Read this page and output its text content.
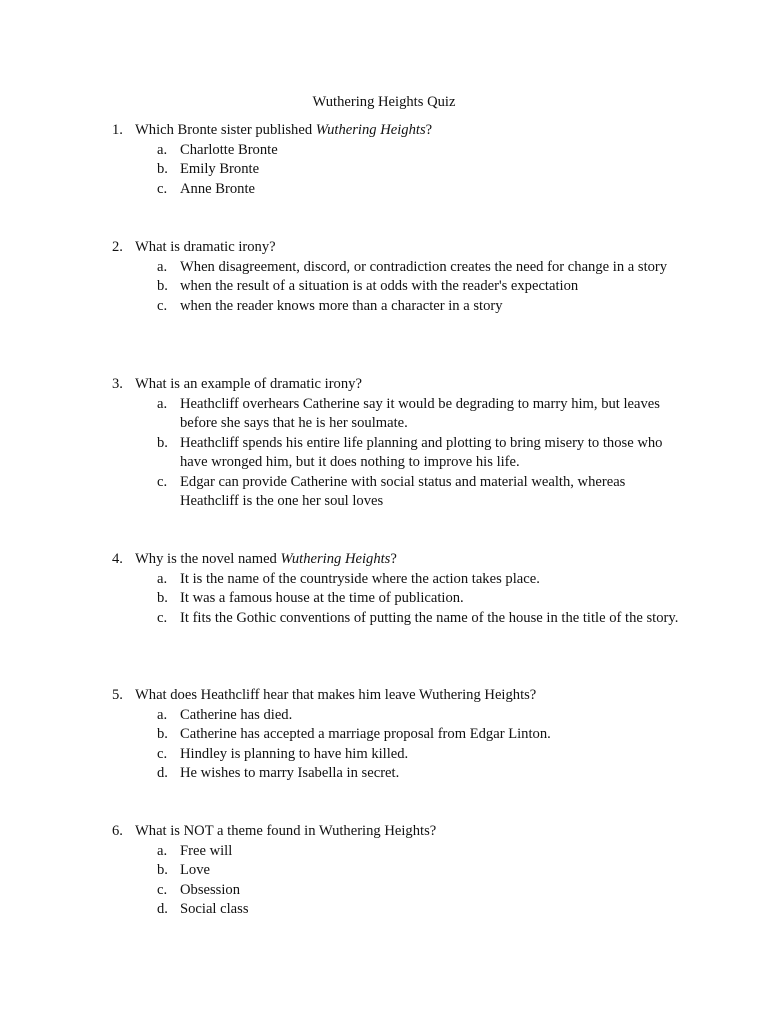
Wuthering Heights Quiz
1. Which Bronte sister published Wuthering Heights?
a. Charlotte Bronte
b. Emily Bronte
c. Anne Bronte
2. What is dramatic irony?
a. When disagreement, discord, or contradiction creates the need for change in a story
b. when the result of a situation is at odds with the reader's expectation
c. when the reader knows more than a character in a story
3. What is an example of dramatic irony?
a. Heathcliff overhears Catherine say it would be degrading to marry him, but leaves before she says that he is her soulmate.
b. Heathcliff spends his entire life planning and plotting to bring misery to those who have wronged him, but it does nothing to improve his life.
c. Edgar can provide Catherine with social status and material wealth, whereas Heathcliff is the one her soul loves
4. Why is the novel named Wuthering Heights?
a. It is the name of the countryside where the action takes place.
b. It was a famous house at the time of publication.
c. It fits the Gothic conventions of putting the name of the house in the title of the story.
5. What does Heathcliff hear that makes him leave Wuthering Heights?
a. Catherine has died.
b. Catherine has accepted a marriage proposal from Edgar Linton.
c. Hindley is planning to have him killed.
d. He wishes to marry Isabella in secret.
6. What is NOT a theme found in Wuthering Heights?
a. Free will
b. Love
c. Obsession
d. Social class
